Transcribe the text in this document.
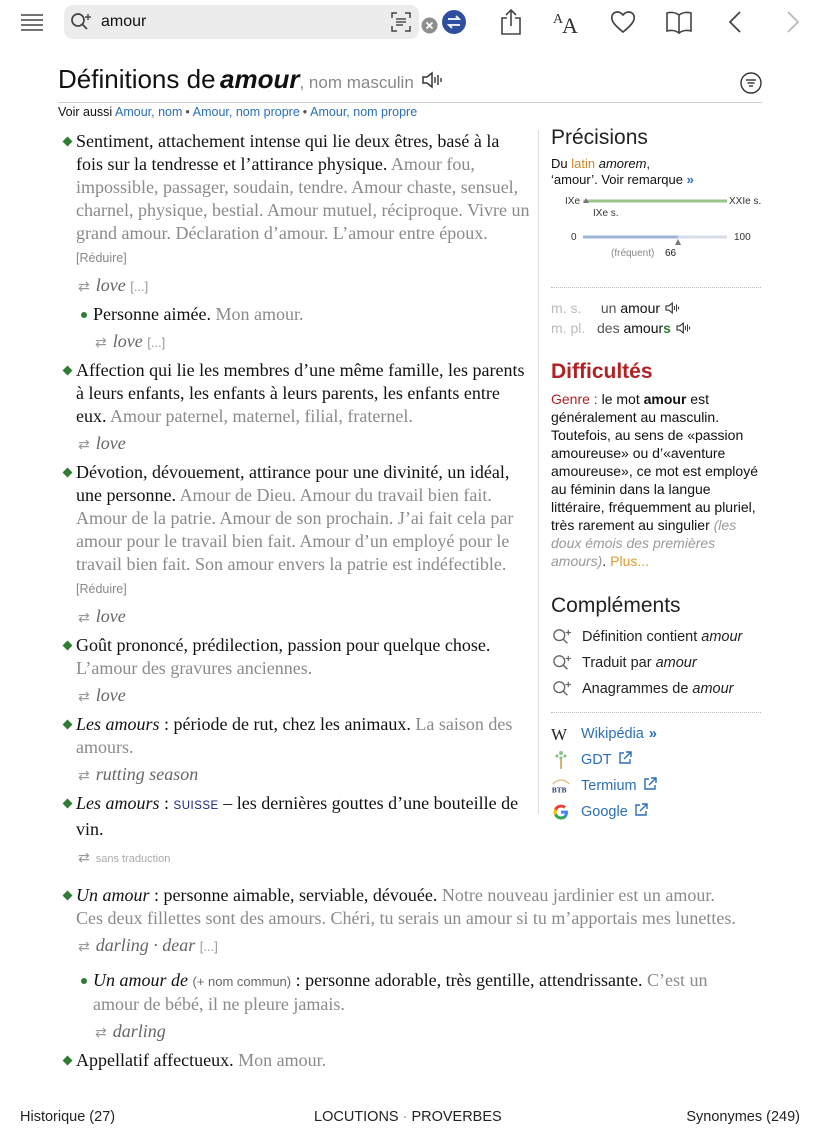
amour
A
A
Définitions de amour, nom masculin
Voir aussi Amour, nom • Amour, nom propre • Amour, nom propre
Sentiment, attachement intense qui lie deux êtres, basé à la fois sur la tendresse et l’attirance physique. Amour fou, impossible, passager, soudain, tendre. Amour chaste, sensuel, charnel, physique, bestial. Amour mutuel, réciproque. Vivre un grand amour. Déclaration d’amour. L’amour entre époux. [Réduire]
⇄ love [...]
Personne aimée. Mon amour.
⇄ love [...]
Affection qui lie les membres d’une même famille, les parents à leurs enfants, les enfants à leurs parents, les enfants entre eux. Amour paternel, maternel, filial, fraternel.
⇄ love
Dévotion, dévouement, attirance pour une divinité, un idéal, une personne. Amour de Dieu. Amour du travail bien fait. Amour de la patrie. Amour de son prochain. J’ai fait cela par amour pour le travail bien fait. Amour d’un employé pour le travail bien fait. Son amour envers la patrie est indéfectible. [Réduire]
⇄ love
Goût prononcé, prédilection, passion pour quelque chose. L’amour des gravures anciennes.
⇄ love
Les amours : période de rut, chez les animaux. La saison des amours.
⇄ rutting season
Les amours : SUISSE – les dernières gouttes d’une bouteille de vin.
⇄ sans traduction
Un amour : personne aimable, serviable, dévouée. Notre nouveau jardinier est un amour. Ces deux fillettes sont des amours. Chéri, tu serais un amour si tu m’apportais mes lunettes.
⇄ darling · dear [...]
Un amour de (+ nom commun) : personne adorable, très gentille, attendrissante. C’est un amour de bébé, il ne pleure jamais.
⇄ darling
Appellatif affectueux. Mon amour.
Précisions
Du latin amorem,
‘amour’. Voir remarque »
IXe	XXIe s.
IXe s.
0	100
(fréquent) 66
m. s. un amour
m. pl. des amours
Difficultés
Genre : le mot amour est généralement au masculin. Toutefois, au sens de «passion amoureuse» ou d’«aventure amoureuse», ce mot est employé au féminin dans la langue littéraire, fréquemment au pluriel, très rarement au singulier (les doux émois des premières amours). Plus...
Compléments
Définition contient amour
Traduit par amour
Anagrammes de amour
W Wikipédia »
GDT
BTB Termium
Google
Historique (27)	LOCUTIONS · PROVERBES	Synonymes (249)
